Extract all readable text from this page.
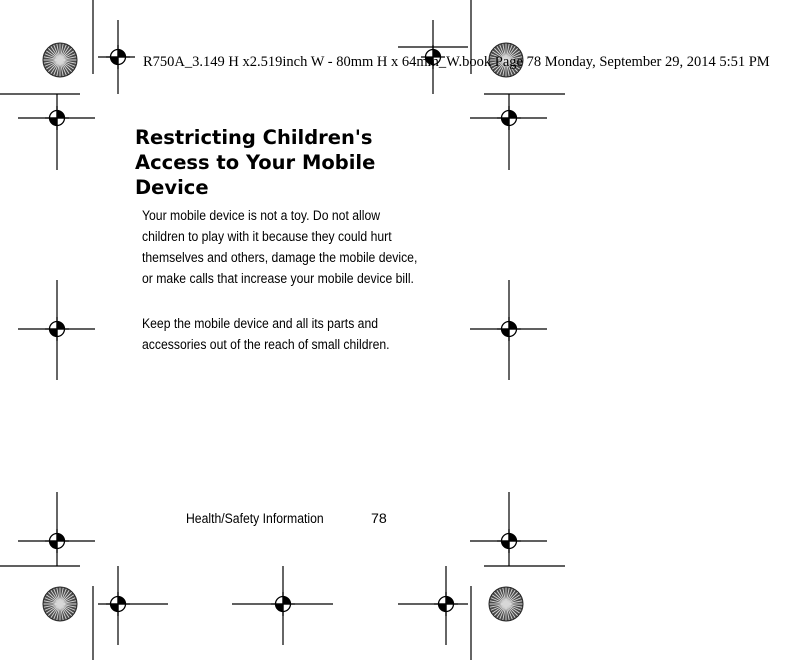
R750A_3.149 H x2.519inch W - 80mm H x 64mm_W.book Page 78 Monday, September 29, 2014 5:51 PM
Restricting Children's Access to Your Mobile Device

Your mobile device is not a toy. Do not allow children to play with it because they could hurt themselves and others, damage the mobile device, or make calls that increase your mobile device bill.

Keep the mobile device and all its parts and accessories out of the reach of small children.

Health/Safety Information	78
